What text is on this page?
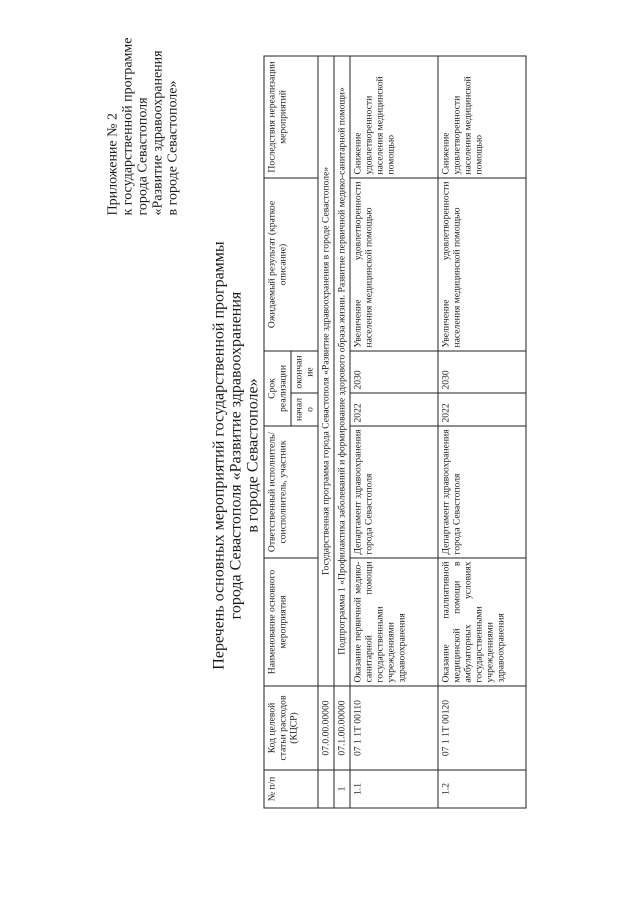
Приложение № 2 к государственной программе города Севастополя «Развитие здравоохранения в городе Севастополе»
Перечень основных мероприятий государственной программы города Севастополя «Развитие здравоохранения в городе Севастополе»
№ п/п	Код целевой статьи расходов (КЦСР)	Наименование основного мероприятия	Ответственный исполнитель/соисполнитель, участник	Срок реализации		Ожидаемый результат (краткое описание)	Последствия нереализации мероприятий
				начало	окончание		
	07.0.00.00000	Государственная программа города Севастополя «Развитие здравоохранения в городе Севастополе»					
1	07.1.00.00000	Подпрограмма 1 «Профилактика заболеваний и формирование здорового образа жизни. Развитие первичной медико-санитарной помощи»					
1.1	07 1 1Т 00110	Оказание первичной медико-санитарной помощи государственными учреждениями здравоохранения	Департамент здравоохранения города Севастополя	2022	2030	Увеличение удовлетворенности населения медицинской помощью	Снижение удовлетворенности населения медицинской помощью
1.2	07 1 1Т 00120	Оказание паллиативной медицинской помощи в амбулаторных условиях государственными учреждениями здравоохранения	Департамент здравоохранения города Севастополя	2022	2030	Увеличение удовлетворенности населения медицинской помощью	Снижение удовлетворенности населения медицинской помощью
